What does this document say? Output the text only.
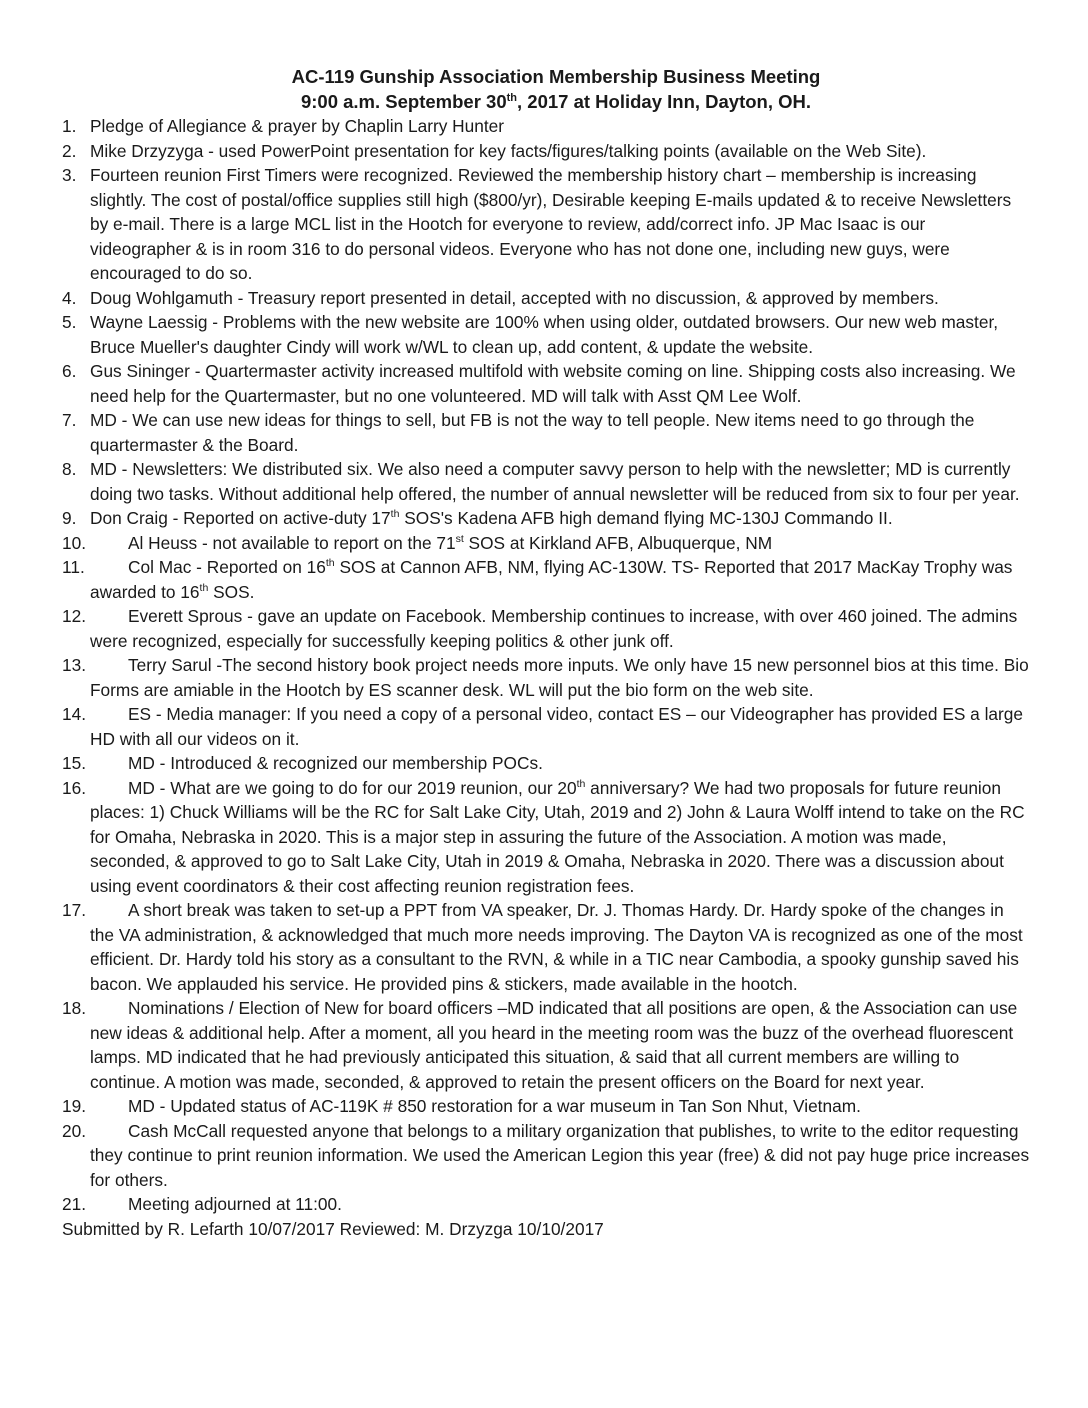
AC-119 Gunship Association Membership Business Meeting
9:00 a.m. September 30th, 2017 at Holiday Inn, Dayton, OH.
1. Pledge of Allegiance & prayer by Chaplin Larry Hunter
2. Mike Drzyzyga - used PowerPoint presentation for key facts/figures/talking points (available on the Web Site).
3. Fourteen reunion First Timers were recognized. Reviewed the membership history chart – membership is increasing slightly. The cost of postal/office supplies still high ($800/yr), Desirable keeping E-mails updated & to receive Newsletters by e-mail. There is a large MCL list in the Hootch for everyone to review, add/correct info. JP Mac Isaac is our videographer & is in room 316 to do personal videos. Everyone who has not done one, including new guys, were encouraged to do so.
4. Doug Wohlgamuth - Treasury report presented in detail, accepted with no discussion, & approved by members.
5. Wayne Laessig - Problems with the new website are 100% when using older, outdated browsers. Our new web master, Bruce Mueller's daughter Cindy will work w/WL to clean up, add content, & update the website.
6. Gus Sininger - Quartermaster activity increased multifold with website coming on line. Shipping costs also increasing. We need help for the Quartermaster, but no one volunteered. MD will talk with Asst QM Lee Wolf.
7. MD - We can use new ideas for things to sell, but FB is not the way to tell people. New items need to go through the quartermaster & the Board.
8. MD - Newsletters: We distributed six. We also need a computer savvy person to help with the newsletter; MD is currently doing two tasks. Without additional help offered, the number of annual newsletter will be reduced from six to four per year.
9. Don Craig - Reported on active-duty 17th SOS's Kadena AFB high demand flying MC-130J Commando II.
10. Al Heuss - not available to report on the 71st SOS at Kirkland AFB, Albuquerque, NM
11.	Col Mac - Reported on 16th SOS at Cannon AFB, NM, flying AC-130W. TS- Reported that 2017 MacKay Trophy was awarded to 16th SOS.
12. Everett Sprous - gave an update on Facebook. Membership continues to increase, with over 460 joined. The admins were recognized, especially for successfully keeping politics & other junk off.
13. Terry Sarul -The second history book project needs more inputs. We only have 15 new personnel bios at this time. Bio Forms are amiable in the Hootch by ES scanner desk. WL will put the bio form on the web site.
14. ES - Media manager: If you need a copy of a personal video, contact ES – our Videographer has provided ES a large HD with all our videos on it.
15. MD - Introduced & recognized our membership POCs.
16. MD - What are we going to do for our 2019 reunion, our 20th anniversary? We had two proposals for future reunion places: 1) Chuck Williams will be the RC for Salt Lake City, Utah, 2019 and 2) John & Laura Wolff intend to take on the RC for Omaha, Nebraska in 2020. This is a major step in assuring the future of the Association. A motion was made, seconded, & approved to go to Salt Lake City, Utah in 2019 & Omaha, Nebraska in 2020. There was a discussion about using event coordinators & their cost affecting reunion registration fees.
17. A short break was taken to set-up a PPT from VA speaker, Dr. J. Thomas Hardy. Dr. Hardy spoke of the changes in the VA administration, & acknowledged that much more needs improving. The Dayton VA is recognized as one of the most efficient. Dr. Hardy told his story as a consultant to the RVN, & while in a TIC near Cambodia, a spooky gunship saved his bacon. We applauded his service. He provided pins & stickers, made available in the hootch.
18. Nominations / Election of New for board officers –MD indicated that all positions are open, & the Association can use new ideas & additional help. After a moment, all you heard in the meeting room was the buzz of the overhead fluorescent lamps. MD indicated that he had previously anticipated this situation, & said that all current members are willing to continue. A motion was made, seconded, & approved to retain the present officers on the Board for next year.
19. MD - Updated status of AC-119K # 850 restoration for a war museum in Tan Son Nhut, Vietnam.
20. Cash McCall requested anyone that belongs to a military organization that publishes, to write to the editor requesting they continue to print reunion information. We used the American Legion this year (free) & did not pay huge price increases for others.
21. Meeting adjourned at 11:00.
Submitted by R. Lefarth 10/07/2017 Reviewed: M. Drzyzga 10/10/2017
